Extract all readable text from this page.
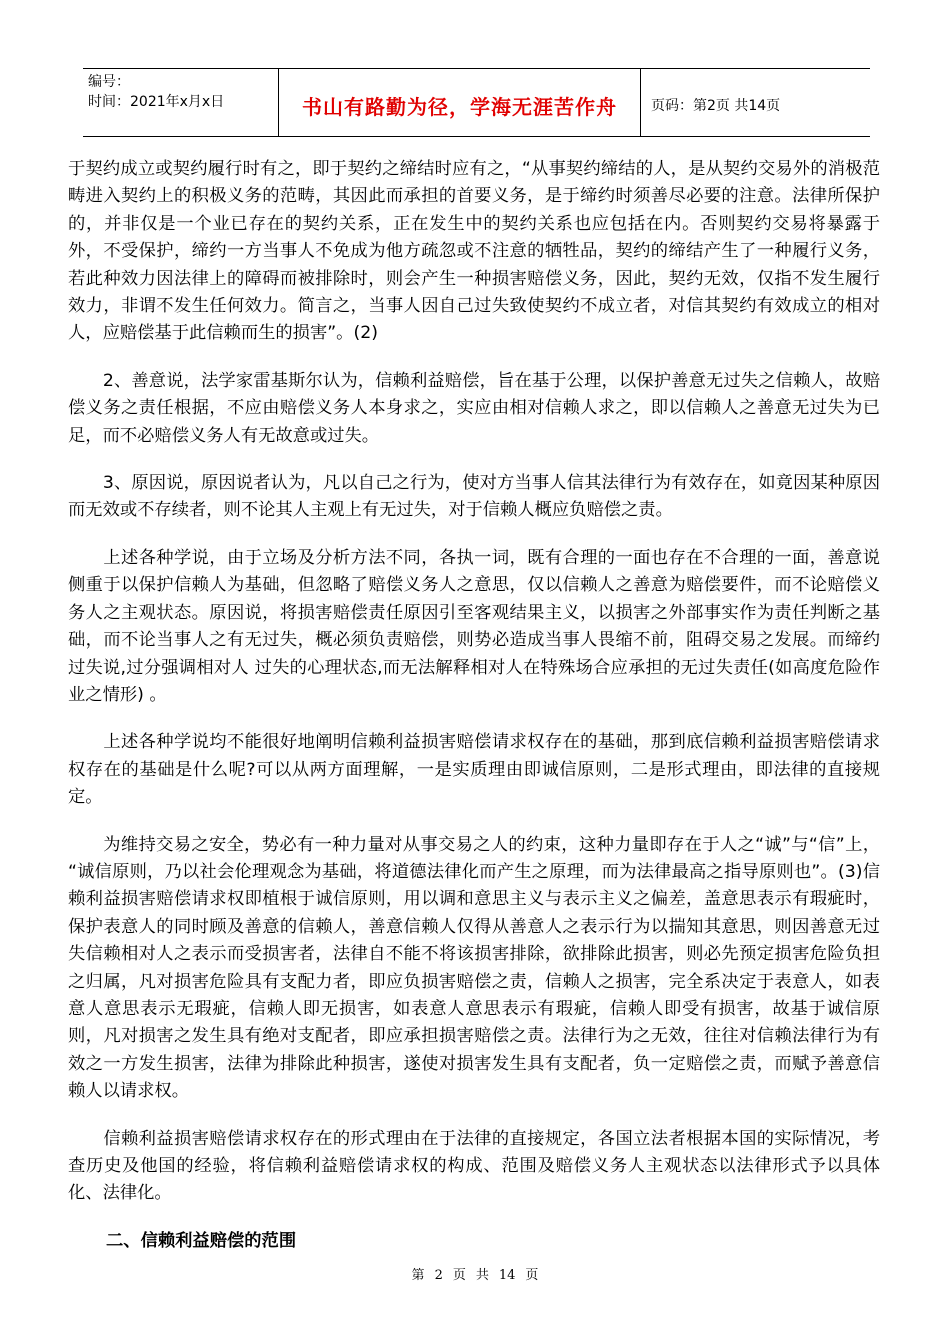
编号：
时间：2021年x月x日	书山有路勤为径，学海无涯苦作舟	页码：第2页 共14页

于契约成立或契约履行时有之，即于契约之缔结时应有之，“从事契约缔结的人，是从契约交易外的消极范畴进入契约上的积极义务的范畴，其因此而承担的首要义务，是于缔约时须善尽必要的注意。法律所保护的，并非仅是一个业已存在的契约关系，正在发生中的契约关系也应包括在内。否则契约交易将暴露于外，不受保护，缔约一方当事人不免成为他方疏忽或不注意的牺牲品，契约的缔结产生了一种履行义务，若此种效力因法律上的障碍而被排除时，则会产生一种损害赔偿义务，因此，契约无效，仅指不发生履行效力，非谓不发生任何效力。简言之，当事人因自己过失致使契约不成立者，对信其契约有效成立的相对人，应赔偿基于此信赖而生的损害”。(2)

　　2、善意说，法学家雷基斯尔认为，信赖利益赔偿，旨在基于公理，以保护善意无过失之信赖人，故赔偿义务之责任根据，不应由赔偿义务人本身求之，实应由相对信赖人求之，即以信赖人之善意无过失为已足，而不必赔偿义务人有无故意或过失。

　　3、原因说，原因说者认为，凡以自己之行为，使对方当事人信其法律行为有效存在，如竟因某种原因而无效或不存续者，则不论其人主观上有无过失，对于信赖人概应负赔偿之责。

　　上述各种学说，由于立场及分析方法不同，各执一词，既有合理的一面也存在不合理的一面，善意说侧重于以保护信赖人为基础，但忽略了赔偿义务人之意思，仅以信赖人之善意为赔偿要件，而不论赔偿义务人之主观状态。原因说，将损害赔偿责任原因引至客观结果主义，以损害之外部事实作为责任判断之基础，而不论当事人之有无过失，概必须负责赔偿，则势必造成当事人畏缩不前，阻碍交易之发展。而缔约过失说,过分强调相对人 过失的心理状态,而无法解释相对人在特殊场合应承担的无过失责任(如高度危险作业之情形) 。

　　上述各种学说均不能很好地阐明信赖利益损害赔偿请求权存在的基础，那到底信赖利益损害赔偿请求权存在的基础是什么呢?可以从两方面理解，一是实质理由即诚信原则，二是形式理由，即法律的直接规定。

　　为维持交易之安全，势必有一种力量对从事交易之人的约束，这种力量即存在于人之“诚”与“信”上， “诚信原则，乃以社会伦理观念为基础，将道德法律化而产生之原理，而为法律最高之指导原则也”。(3)信赖利益损害赔偿请求权即植根于诚信原则，用以调和意思主义与表示主义之偏差，盖意思表示有瑕疵时，保护表意人的同时顾及善意的信赖人，善意信赖人仅得从善意人之表示行为以揣知其意思，则因善意无过失信赖相对人之表示而受损害者，法律自不能不将该损害排除，欲排除此损害，则必先预定损害危险负担之归属，凡对损害危险具有支配力者，即应负损害赔偿之责，信赖人之损害，完全系决定于表意人，如表意人意思表示无瑕疵，信赖人即无损害，如表意人意思表示有瑕疵，信赖人即受有损害，故基于诚信原则，凡对损害之发生具有绝对支配者，即应承担损害赔偿之责。法律行为之无效，往往对信赖法律行为有效之一方发生损害，法律为排除此种损害，遂使对损害发生具有支配者，负一定赔偿之责，而赋予善意信赖人以请求权。

　　信赖利益损害赔偿请求权存在的形式理由在于法律的直接规定，各国立法者根据本国的实际情况，考查历史及他国的经验，将信赖利益赔偿请求权的构成、范围及赔偿义务人主观状态以法律形式予以具体化、法律化。

二、信赖利益赔偿的范围

第 2 页 共 14 页
